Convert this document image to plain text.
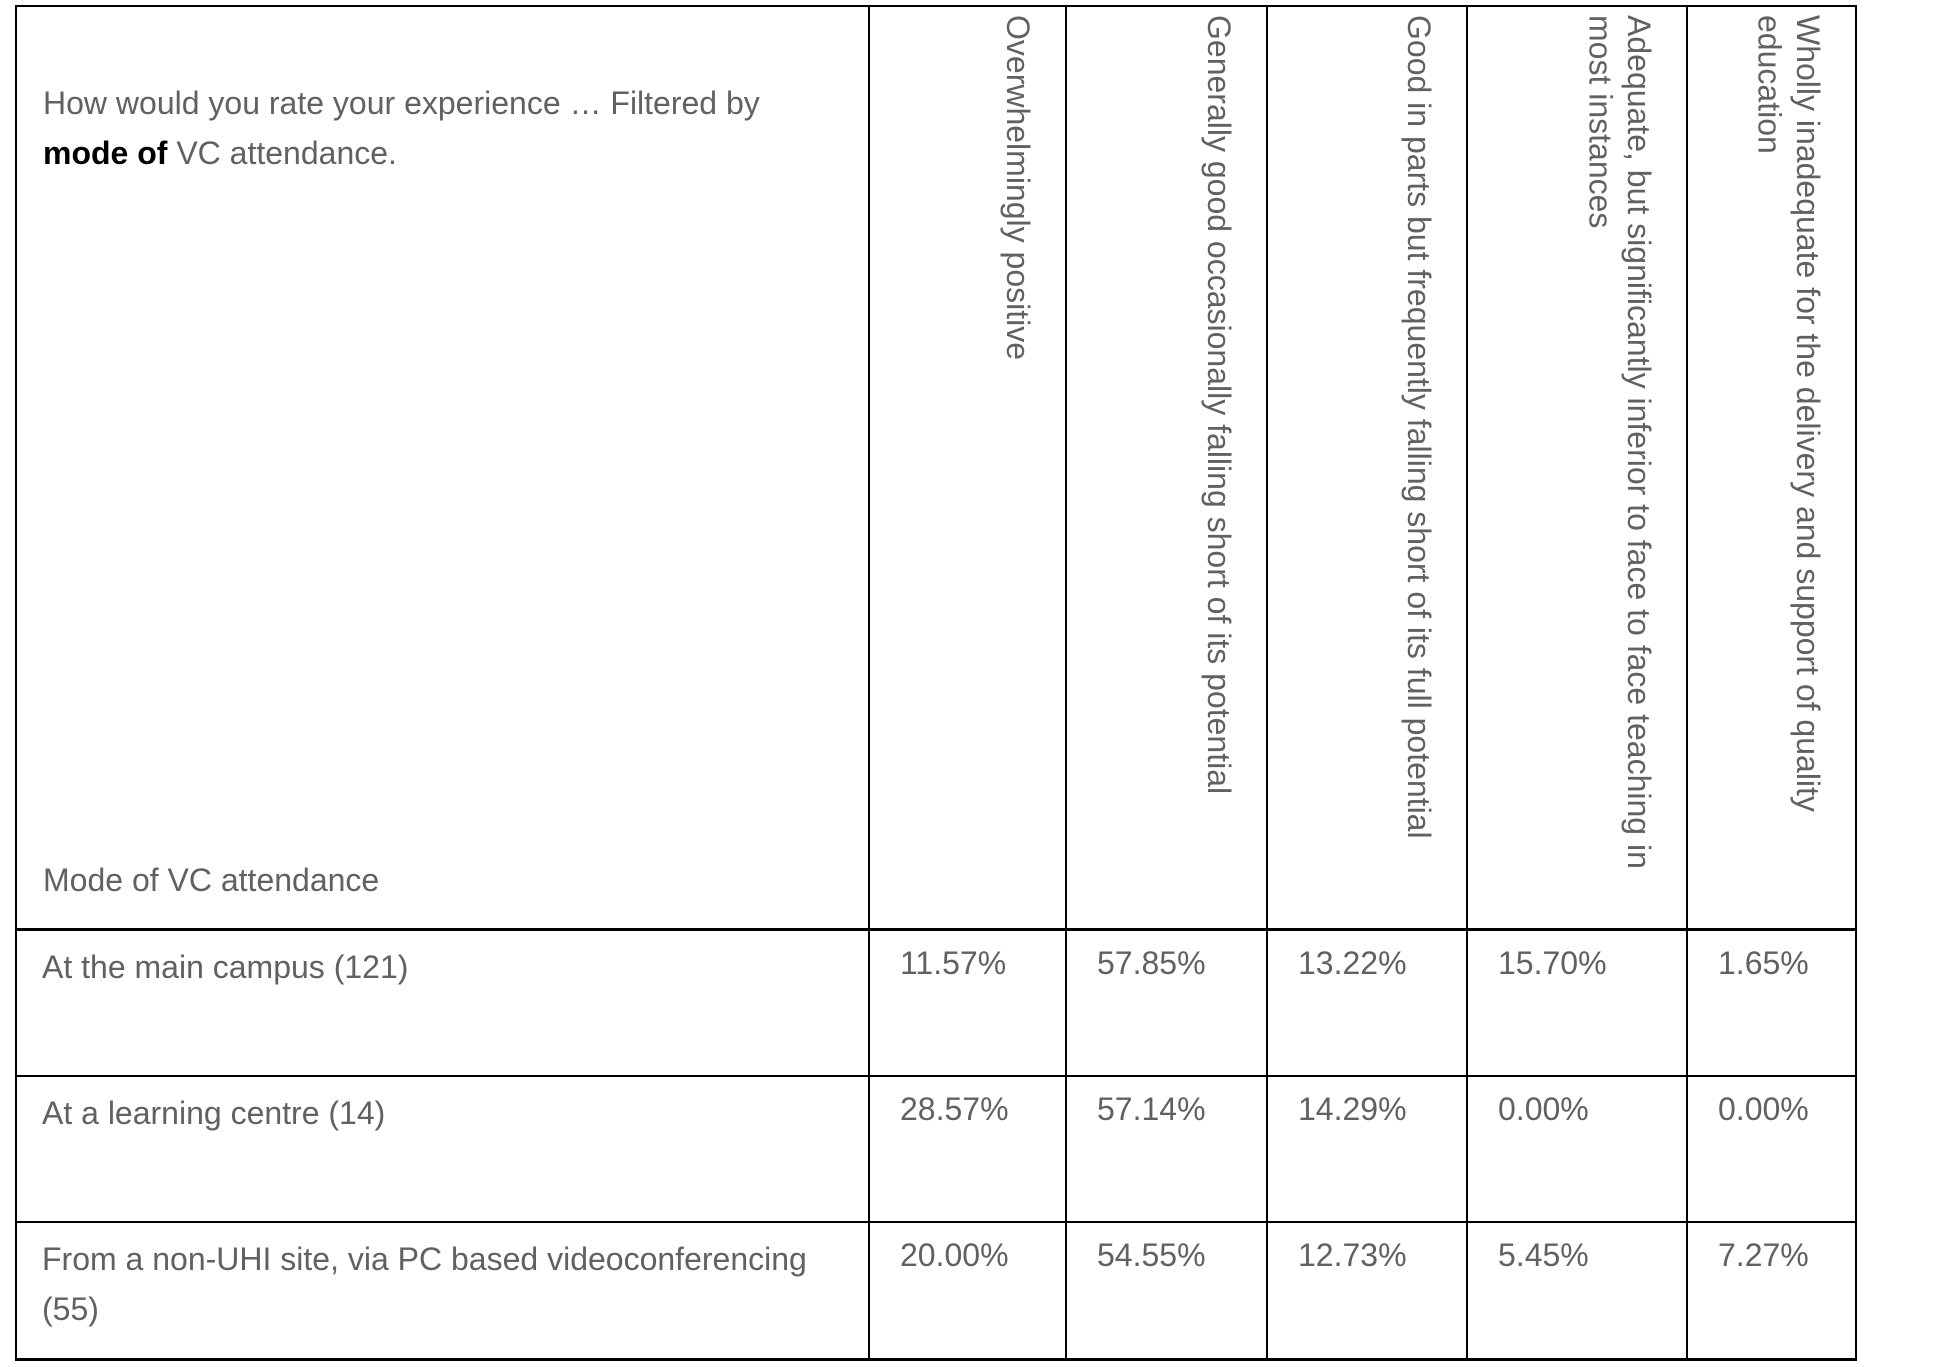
How would you rate your experience … Filtered by mode of VC attendance.
Mode of VC attendance	Overwhelmingly positive	Generally good occasionally falling short of its potential	Good in parts but frequently falling short of its full potential	Adequate, but significantly inferior to face to face teaching in most instances	Wholly inadequate for the delivery and support of quality education

At the main campus (121)	11.57%	57.85%	13.22%	15.70%	1.65%

At a learning centre (14)	28.57%	57.14%	14.29%	0.00%	0.00%

From a non-UHI site, via PC based videoconferencing (55)	20.00%	54.55%	12.73%	5.45%	7.27%
